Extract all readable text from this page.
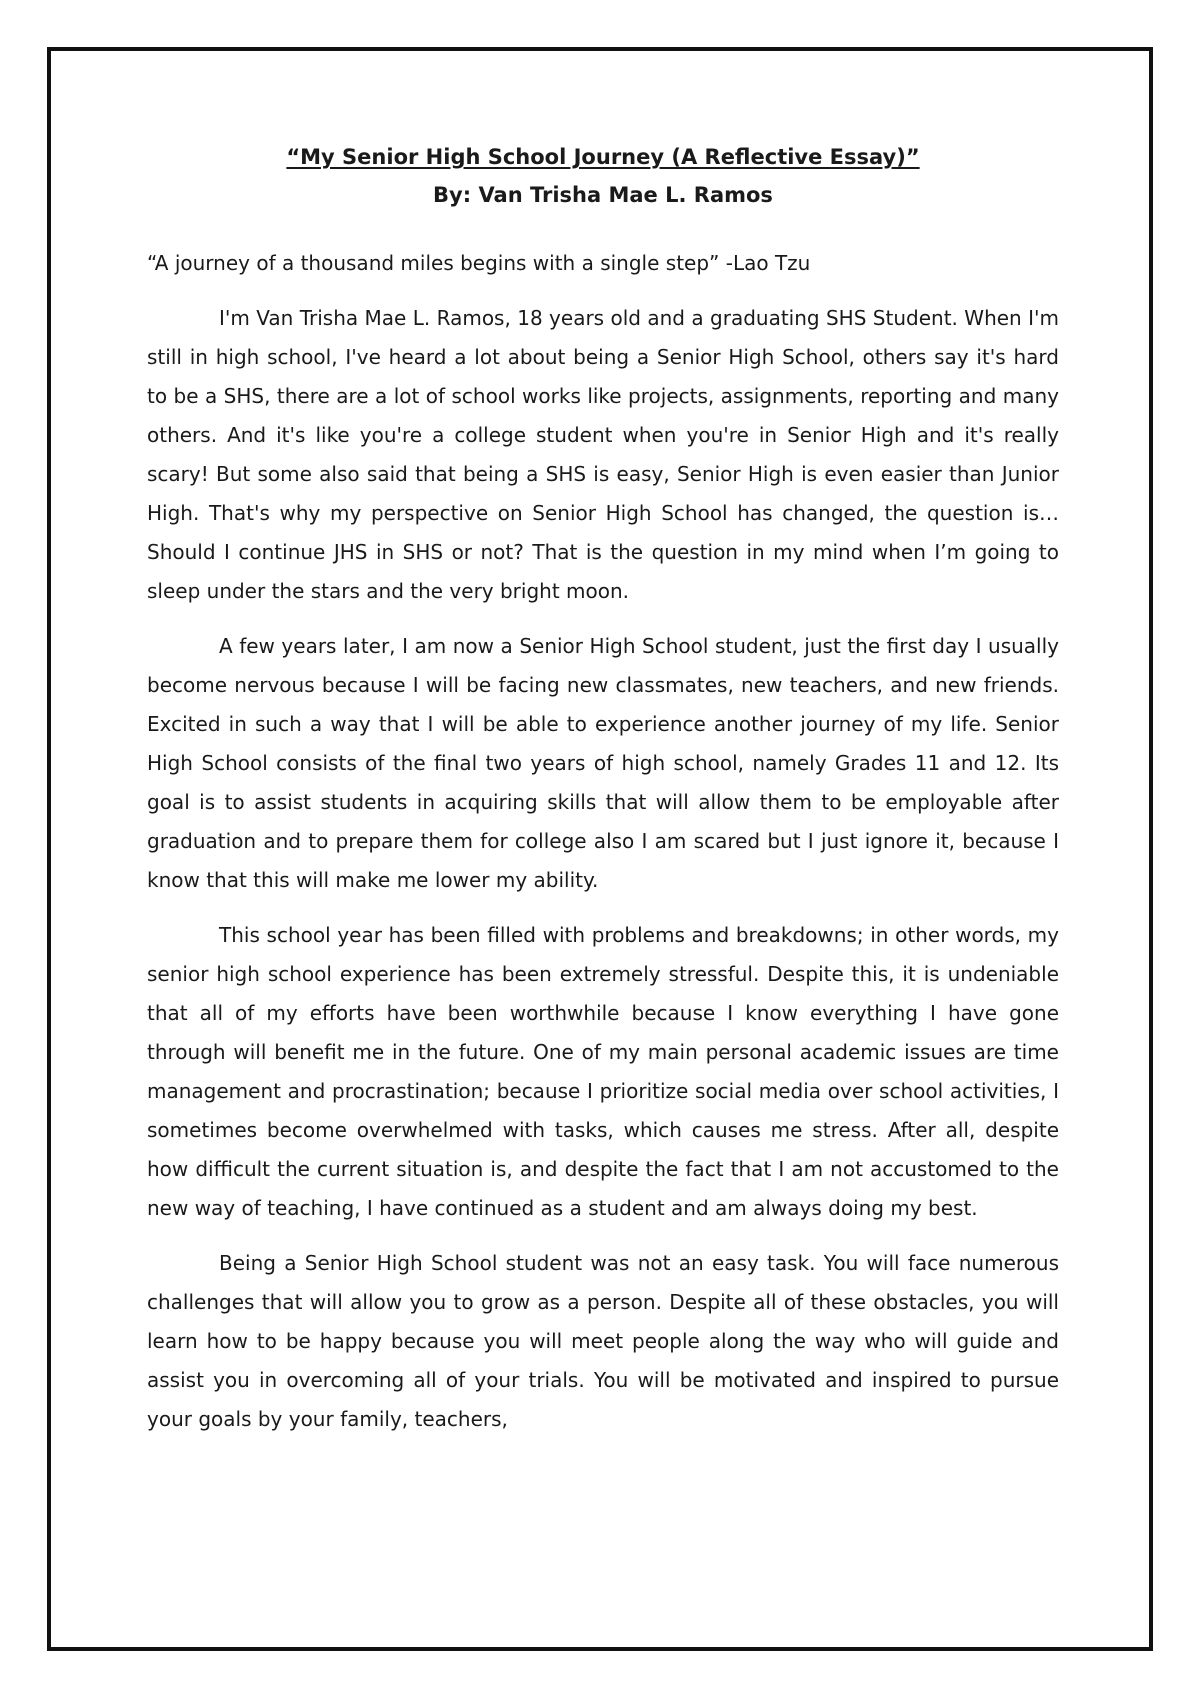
“My Senior High School Journey (A Reflective Essay)”

By: Van Trisha Mae L. Ramos

“A journey of a thousand miles begins with a single step” -Lao Tzu

I'm Van Trisha Mae L. Ramos, 18 years old and a graduating SHS Student. When I'm still in high school, I've heard a lot about being a Senior High School, others say it's hard to be a SHS, there are a lot of school works like projects, assignments, reporting and many others. And it's like you're a college student when you're in Senior High and it's really scary! But some also said that being a SHS is easy, Senior High is even easier than Junior High. That's why my perspective on Senior High School has changed, the question is… Should I continue JHS in SHS or not? That is the question in my mind when I’m going to sleep under the stars and the very bright moon.

A few years later, I am now a Senior High School student, just the first day I usually become nervous because I will be facing new classmates, new teachers, and new friends. Excited in such a way that I will be able to experience another journey of my life. Senior High School consists of the final two years of high school, namely Grades 11 and 12. Its goal is to assist students in acquiring skills that will allow them to be employable after graduation and to prepare them for college also I am scared but I just ignore it, because I know that this will make me lower my ability.

This school year has been filled with problems and breakdowns; in other words, my senior high school experience has been extremely stressful. Despite this, it is undeniable that all of my efforts have been worthwhile because I know everything I have gone through will benefit me in the future. One of my main personal academic issues are time management and procrastination; because I prioritize social media over school activities, I sometimes become overwhelmed with tasks, which causes me stress. After all, despite how difficult the current situation is, and despite the fact that I am not accustomed to the new way of teaching, I have continued as a student and am always doing my best.

Being a Senior High School student was not an easy task. You will face numerous challenges that will allow you to grow as a person. Despite all of these obstacles, you will learn how to be happy because you will meet people along the way who will guide and assist you in overcoming all of your trials. You will be motivated and inspired to pursue your goals by your family, teachers,
